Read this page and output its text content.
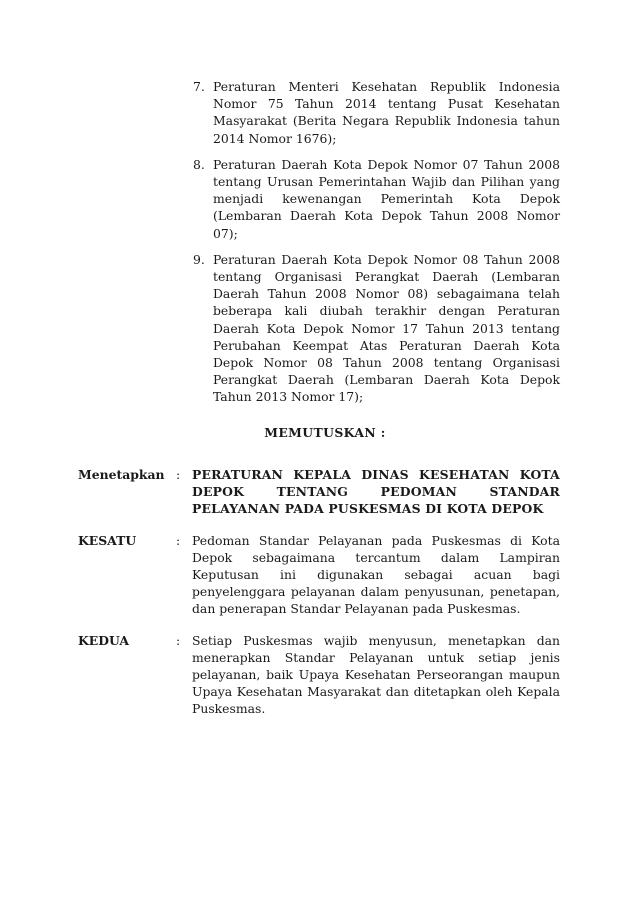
7. Peraturan Menteri Kesehatan Republik Indonesia Nomor 75 Tahun 2014 tentang Pusat Kesehatan Masyarakat (Berita Negara Republik Indonesia tahun 2014 Nomor 1676);
8. Peraturan Daerah Kota Depok Nomor 07 Tahun 2008 tentang Urusan Pemerintahan Wajib dan Pilihan yang menjadi kewenangan Pemerintah Kota Depok (Lembaran Daerah Kota Depok Tahun 2008 Nomor 07);
9. Peraturan Daerah Kota Depok Nomor 08 Tahun 2008 tentang Organisasi Perangkat Daerah (Lembaran Daerah Tahun 2008 Nomor 08) sebagaimana telah beberapa kali diubah terakhir dengan Peraturan Daerah Kota Depok Nomor 17 Tahun 2013 tentang Perubahan Keempat Atas Peraturan Daerah Kota Depok Nomor 08 Tahun 2008 tentang Organisasi Perangkat Daerah (Lembaran Daerah Kota Depok Tahun 2013 Nomor 17);
MEMUTUSKAN :
Menetapkan : PERATURAN KEPALA DINAS KESEHATAN KOTA DEPOK TENTANG PEDOMAN STANDAR PELAYANAN PADA PUSKESMAS DI KOTA DEPOK
KESATU	: Pedoman Standar Pelayanan pada Puskesmas di Kota Depok sebagaimana tercantum dalam Lampiran Keputusan ini digunakan sebagai acuan bagi penyelenggara pelayanan dalam penyusunan, penetapan, dan penerapan Standar Pelayanan pada Puskesmas.
KEDUA	: Setiap Puskesmas wajib menyusun, menetapkan dan menerapkan Standar Pelayanan untuk setiap jenis pelayanan, baik Upaya Kesehatan Perseorangan maupun Upaya Kesehatan Masyarakat dan ditetapkan oleh Kepala Puskesmas.
